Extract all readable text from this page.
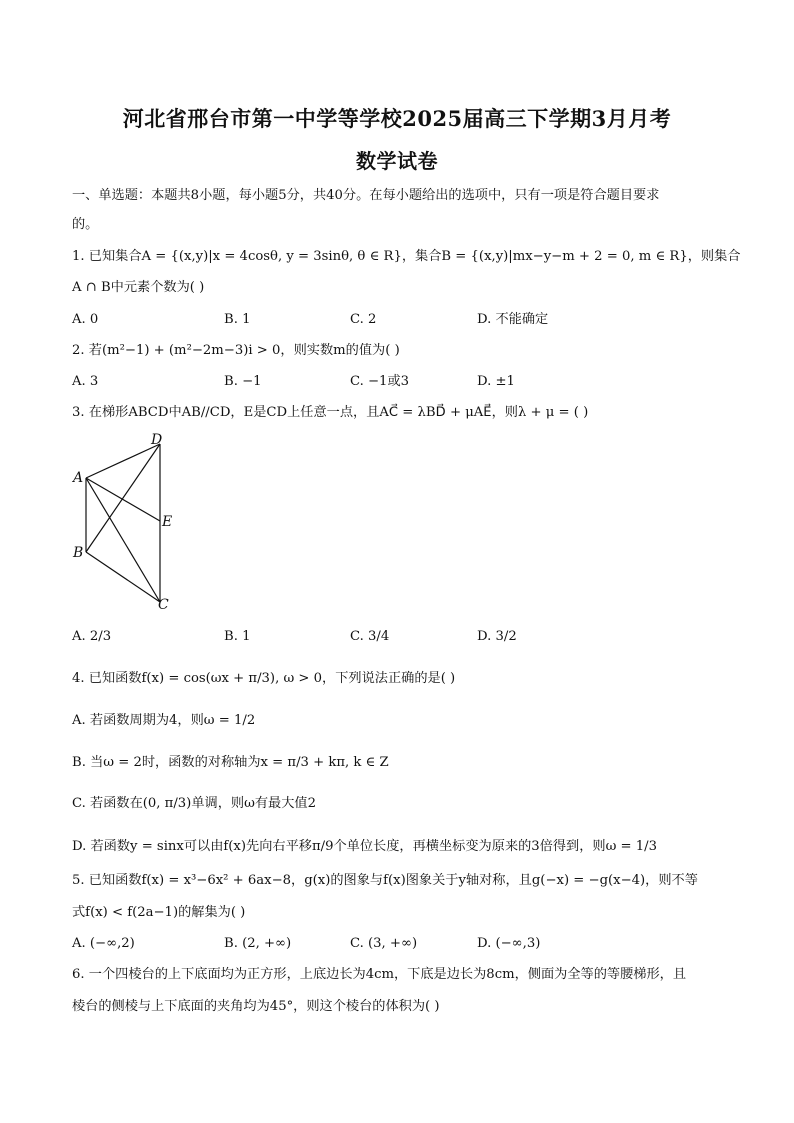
河北省邢台市第一中学等学校2025届高三下学期3月月考
数学试卷
一、单选题：本题共8小题，每小题5分，共40分。在每小题给出的选项中，只有一项是符合题目要求
的。
1. 已知集合A = {(x,y)|x = 4cosθ, y = 3sinθ, θ ∈ R}，集合B = {(x,y)|mx−y−m + 2 = 0, m ∈ R}，则集合
A ∩ B中元素个数为( )
A. 0	B. 1	C. 2	D. 不能确定
2. 若(m²−1) + (m²−2m−3)i > 0，则实数m的值为( )
A. 3	B. −1	C. −1或3	D. ±1
3. 在梯形ABCD中AB//CD，E是CD上任意一点，且AC⃗ = λBD⃗ + μAE⃗，则λ + μ = ( )
A
B
C
D
E
A. 2/3	B. 1	C. 3/4	D. 3/2
4. 已知函数f(x) = cos(ωx + π/3), ω > 0，下列说法正确的是( )
A. 若函数周期为4，则ω = 1/2
B. 当ω = 2时，函数的对称轴为x = π/3 + kπ, k ∈ Z
C. 若函数在(0, π/3)单调，则ω有最大值2
D. 若函数y = sinx可以由f(x)先向右平移π/9个单位长度，再横坐标变为原来的3倍得到，则ω = 1/3
5. 已知函数f(x) = x³−6x² + 6ax−8，g(x)的图象与f(x)图象关于y轴对称，且g(−x) = −g(x−4)，则不等
式f(x) < f(2a−1)的解集为( )
A. (−∞,2)	B. (2, +∞)	C. (3, +∞)	D. (−∞,3)
6. 一个四棱台的上下底面均为正方形，上底边长为4cm，下底是边长为8cm，侧面为全等的等腰梯形，且
棱台的侧棱与上下底面的夹角均为45°，则这个棱台的体积为( )
